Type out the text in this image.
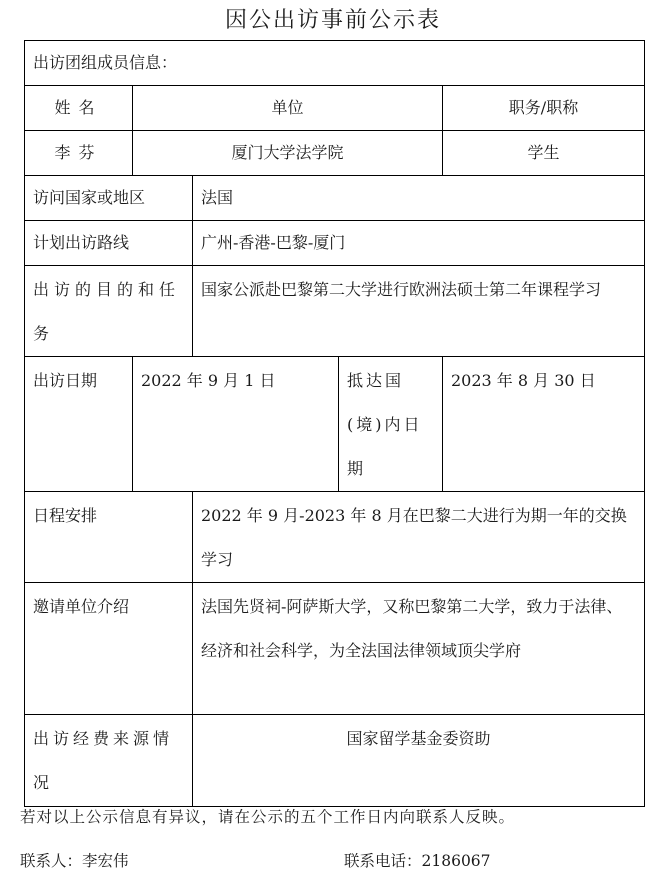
因公出访事前公示表
出访团组成员信息：				
姓名	单位			职务/职称
李芬	厦门大学法学院			学生
访问国家或地区		法国		
计划出访路线		广州-香港-巴黎-厦门		
出访的目的和任务		国家公派赴巴黎第二大学进行欧洲法硕士第二年课程学习		
出访日期	2022 年 9 月 1 日		抵达国(境)内日期	2023 年 8 月 30 日
日程安排		2022 年 9 月-2023 年 8 月在巴黎二大进行为期一年的交换学习		
邀请单位介绍		法国先贤祠-阿萨斯大学，又称巴黎第二大学，致力于法律、经济和社会科学，为全法国法律领域顶尖学府		
出访经费来源情况		国家留学基金委资助		
若对以上公示信息有异议，请在公示的五个工作日内向联系人反映。
联系人：李宏伟	联系电话：2186067
